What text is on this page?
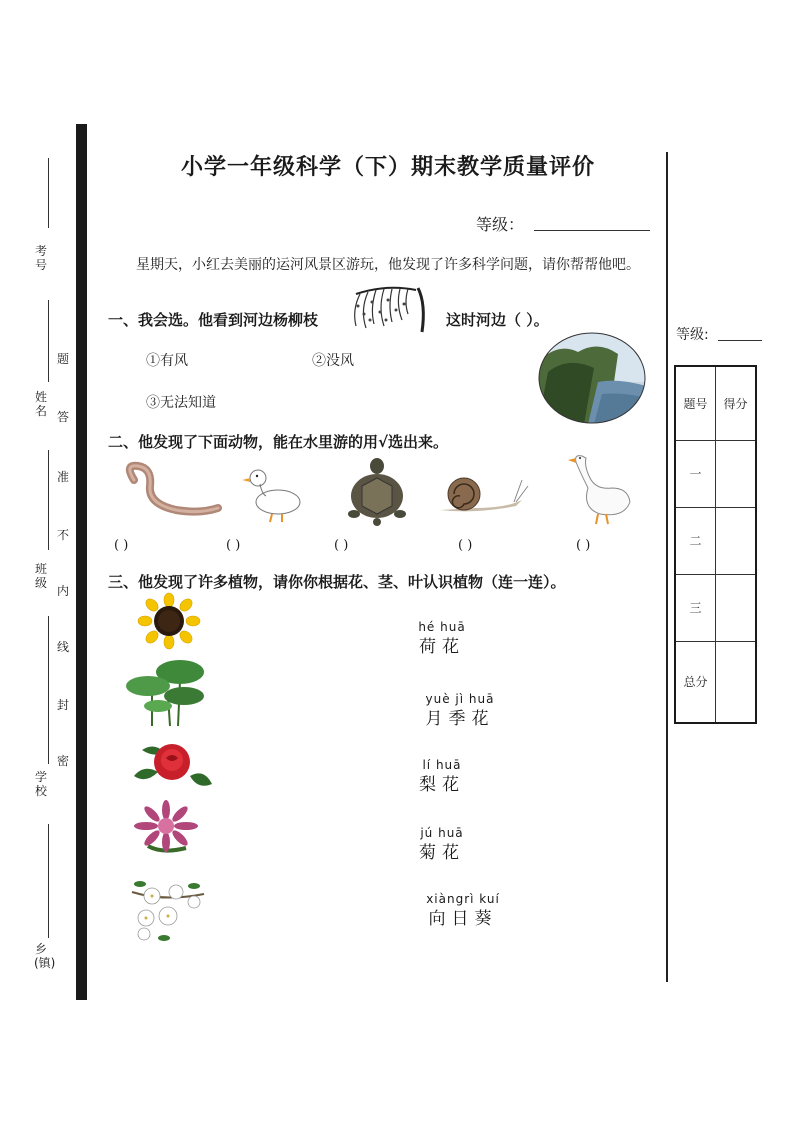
考号
姓名
班级
学校
乡(镇)
答
题
准
不
内
线
封
密
小学一年级科学（下）期末教学质量评价
等级：
星期天，小红去美丽的运河风景区游玩，他发现了许多科学问题，请你帮帮他吧。
一、我会选。他看到河边杨柳枝	这时河边（ ）。
①有风	②没风
③无法知道
二、他发现了下面动物，能在水里游的用√选出来。
( )	( )	( )	( )	( )
三、他发现了许多植物，请你你根据花、茎、叶认识植物（连一连）。
hé huā
荷花
yuè jì huā
月季花
lí huā
梨花
jú huā
菊花
xiàngrì kuí
向日葵
等级:
题号	得分
一	
二	
三	
总分	
